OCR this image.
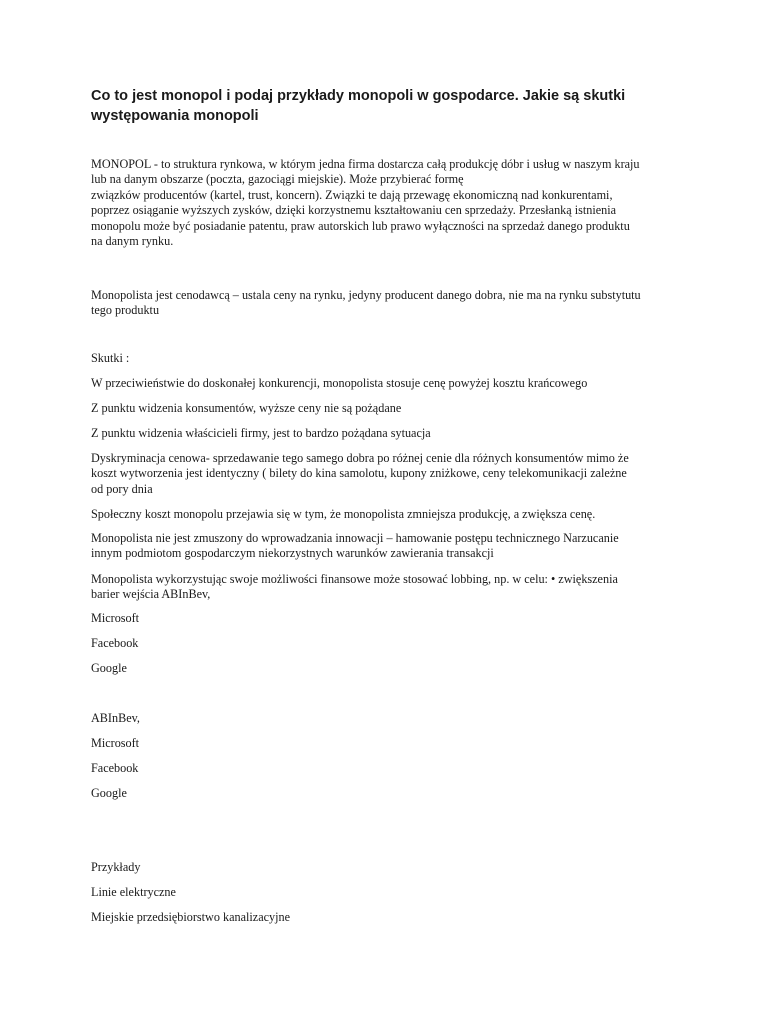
Co to jest monopol i podaj przykłady monopoli w gospodarce. Jakie są skutki występowania monopoli

MONOPOL - to struktura rynkowa, w którym jedna firma dostarcza całą produkcję dóbr i usług w naszym kraju
lub na danym obszarze (poczta, gazociągi miejskie). Może przybierać formę
związków producentów (kartel, trust, koncern). Związki te dają przewagę ekonomiczną nad konkurentami,
poprzez osiąganie wyższych zysków, dzięki korzystnemu kształtowaniu cen sprzedaży. Przesłanką istnienia
monopolu może być posiadanie patentu, praw autorskich lub prawo wyłączności na sprzedaż danego produktu
na danym rynku.

Monopolista jest cenodawcą – ustala ceny na rynku, jedyny producent danego dobra, nie ma na rynku substytutu
tego produktu

Skutki :

W przeciwieństwie do doskonałej konkurencji, monopolista stosuje cenę powyżej kosztu krańcowego

Z punktu widzenia konsumentów, wyższe ceny nie są pożądane

Z punktu widzenia właścicieli firmy, jest to bardzo pożądana sytuacja

Dyskryminacja cenowa- sprzedawanie tego samego dobra po różnej cenie dla różnych konsumentów mimo że
koszt wytworzenia jest identyczny ( bilety do kina samolotu, kupony zniżkowe, ceny telekomunikacji zależne
od pory dnia

Społeczny koszt monopolu przejawia się w tym, że monopolista zmniejsza produkcję, a zwiększa cenę.

Monopolista nie jest zmuszony do wprowadzania innowacji – hamowanie postępu technicznego Narzucanie
innym podmiotom gospodarczym niekorzystnych warunków zawierania transakcji

Monopolista wykorzystując swoje możliwości finansowe może stosować lobbing, np. w celu: • zwiększenia
barier wejścia ABInBev,

Microsoft

Facebook

Google

ABInBev,

Microsoft

Facebook

Google

Przykłady

Linie elektryczne

Miejskie przedsiębiorstwo kanalizacyjne
